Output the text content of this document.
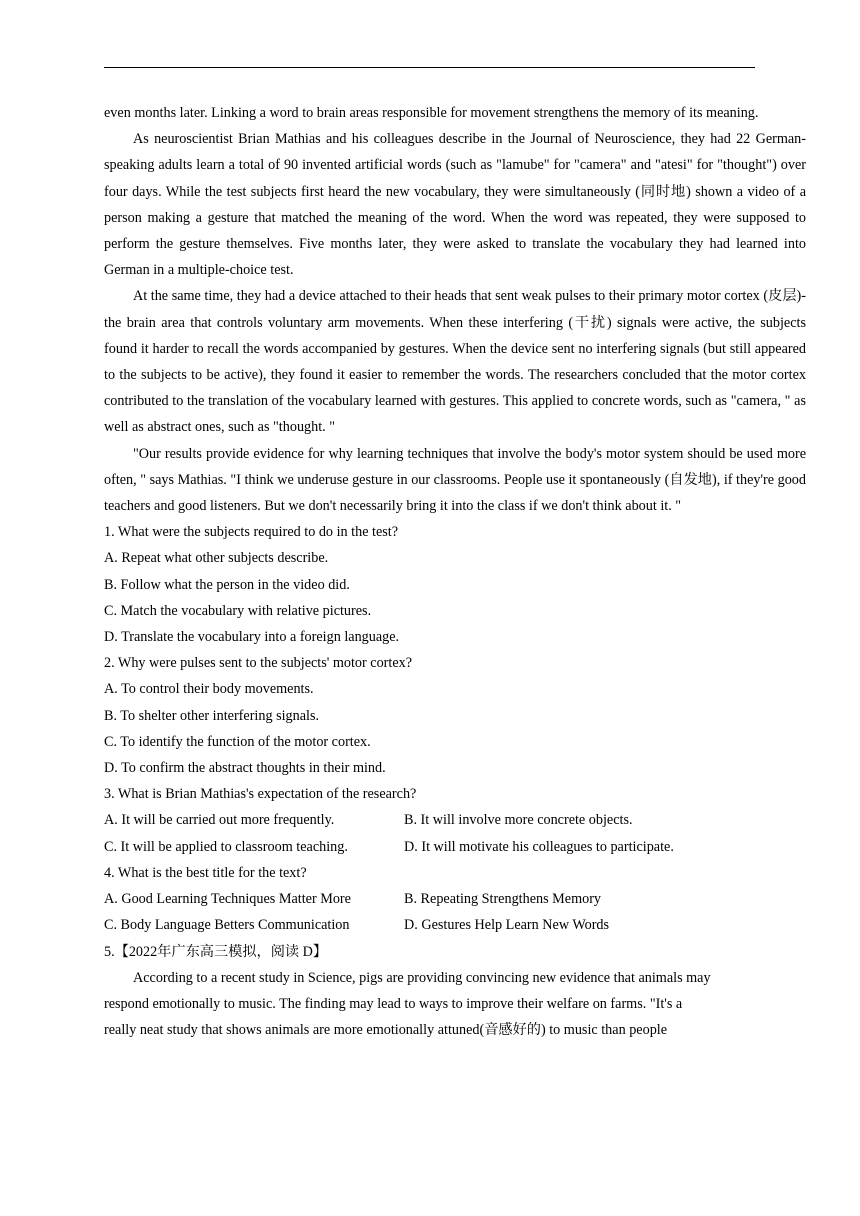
even months later. Linking a word to brain areas responsible for movement strengthens the memory of its meaning.

As neuroscientist Brian Mathias and his colleagues describe in the Journal of Neuroscience, they had 22 German-speaking adults learn a total of 90 invented artificial words (such as "lamube" for "camera" and "atesi" for "thought") over four days. While the test subjects first heard the new vocabulary, they were simultaneously (同时地) shown a video of a person making a gesture that matched the meaning of the word. When the word was repeated, they were supposed to perform the gesture themselves. Five months later, they were asked to translate the vocabulary they had learned into German in a multiple-choice test.

At the same time, they had a device attached to their heads that sent weak pulses to their primary motor cortex (皮层)-the brain area that controls voluntary arm movements. When these interfering (干扰) signals were active, the subjects found it harder to recall the words accompanied by gestures. When the device sent no interfering signals (but still appeared to the subjects to be active), they found it easier to remember the words. The researchers concluded that the motor cortex contributed to the translation of the vocabulary learned with gestures. This applied to concrete words, such as "camera, " as well as abstract ones, such as "thought. "

"Our results provide evidence for why learning techniques that involve the body's motor system should be used more often, " says Mathias. "I think we underuse gesture in our classrooms. People use it spontaneously (自发地), if they're good teachers and good listeners. But we don't necessarily bring it into the class if we don't think about it. "

1. What were the subjects required to do in the test?

A. Repeat what other subjects describe.

B. Follow what the person in the video did.

C. Match the vocabulary with relative pictures.

D. Translate the vocabulary into a foreign language.

2. Why were pulses sent to the subjects' motor cortex?

A. To control their body movements.

B. To shelter other interfering signals.

C. To identify the function of the motor cortex.

D. To confirm the abstract thoughts in their mind.

3. What is Brian Mathias's expectation of the research?

A. It will be carried out more frequently.	B. It will involve more concrete objects.
C. It will be applied to classroom teaching.	D. It will motivate his colleagues to participate.

4. What is the best title for the text?

A. Good Learning Techniques Matter More	B. Repeating Strengthens Memory
C. Body Language Betters Communication	D. Gestures Help Learn New Words

5.【2022年广东高三模拟，阅读 D】

According to a recent study in Science, pigs are providing convincing new evidence that animals may

respond emotionally to music. The finding may lead to ways to improve their welfare on farms. "It's a

really neat study that shows animals are more emotionally attuned(音感好的) to music than people
